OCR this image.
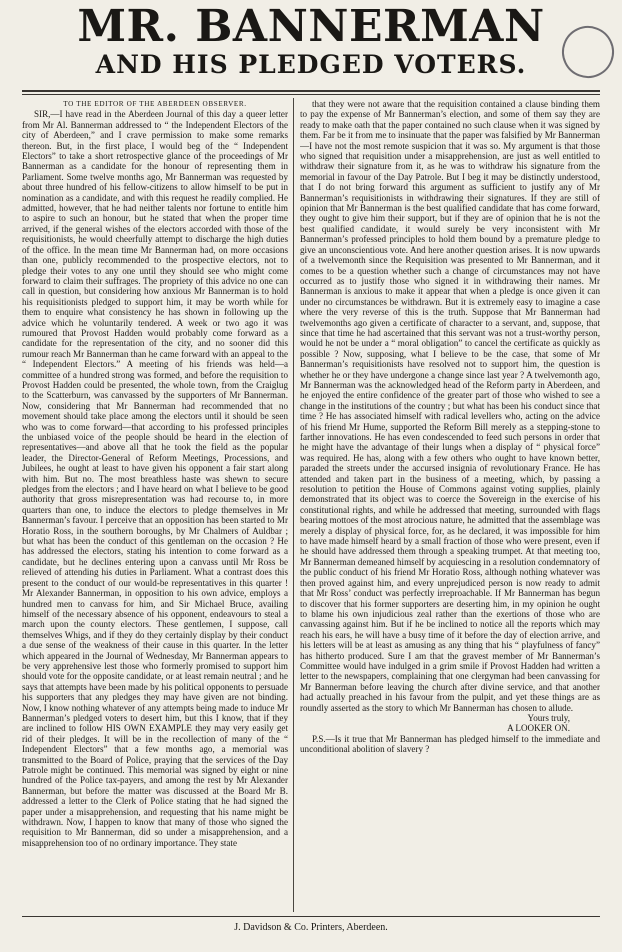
MR. BANNERMAN
AND HIS PLEDGED VOTERS.

TO THE EDITOR OF THE ABERDEEN OBSERVER.

SIR,—I have read in the Aberdeen Journal of this day a queer letter from Mr Al. Bannerman addressed to “ the Independent Electors of the city of Aberdeen,” and I crave permission to make some remarks thereon. But, in the first place, I would beg of the “ Independent Electors” to take a short retrospective glance of the proceedings of Mr Bannerman as a candidate for the honour of representing them in Parliament. Some twelve months ago, Mr Bannerman was requested by about three hundred of his fellow-citizens to allow himself to be put in nomination as a candidate, and with this request he readily complied. He admitted, however, that he had neither talents nor fortune to entitle him to aspire to such an honour, but he stated that when the proper time arrived, if the general wishes of the electors accorded with those of the requisitionists, he would cheerfully attempt to discharge the high duties of the office. In the mean time Mr Bannerman had, on more occasions than one, publicly recommended to the prospective electors, not to pledge their votes to any one until they should see who might come forward to claim their suffrages. The propriety of this advice no one can call in question, but considering how anxious Mr Bannerman is to hold his requisitionists pledged to support him, it may be worth while for them to enquire what consistency he has shown in following up the advice which he voluntarily tendered. A week or two ago it was rumoured that Provost Hadden would probably come forward as a candidate for the representation of the city, and no sooner did this rumour reach Mr Bannerman than he came forward with an appeal to the “ Independent Electors.” A meeting of his friends was held—a committee of a hundred strong was formed, and before the requisition to Provost Hadden could be presented, the whole town, from the Craiglug to the Scatterburn, was canvassed by the supporters of Mr Bannerman. Now, considering that Mr Bannerman had recommended that no movement should take place among the electors until it should be seen who was to come forward—that according to his professed principles the unbiased voice of the people should be heard in the election of representatives—and above all that he took the field as the popular leader, the Director-General of Reform Meetings, Processions, and Jubilees, he ought at least to have given his opponent a fair start along with him. But no. The most breathless haste was shewn to secure pledges from the electors ; and I have heard on what I believe to be good authority that gross misrepresentation was had recourse to, in more quarters than one, to induce the electors to pledge themselves in Mr Bannerman’s favour. I perceive that an opposition has been started to Mr Horatio Ross, in the southern boroughs, by Mr Chalmers of Auldbar ; but what has been the conduct of this gentleman on the occasion ? He has addressed the electors, stating his intention to come forward as a candidate, but he declines entering upon a canvass until Mr Ross be relieved of attending his duties in Parliament. What a contrast does this present to the conduct of our would-be representatives in this quarter ! Mr Alexander Bannerman, in opposition to his own advice, employs a hundred men to canvass for him, and Sir Michael Bruce, availing himself of the necessary absence of his opponent, endeavours to steal a march upon the county electors. These gentlemen, I suppose, call themselves Whigs, and if they do they certainly display by their conduct a due sense of the weakness of their cause in this quarter. In the letter which appeared in the Journal of Wednesday, Mr Bannerman appears to be very apprehensive lest those who formerly promised to support him should vote for the opposite candidate, or at least remain neutral ; and he says that attempts have been made by his political opponents to persuade his supporters that any pledges they may have given are not binding. Now, I know nothing whatever of any attempts being made to induce Mr Bannerman’s pledged voters to desert him, but this I know, that if they are inclined to follow HIS OWN EXAMPLE they may very easily get rid of their pledges. It will be in the recollection of many of the “ Independent Electors” that a few months ago, a memorial was transmitted to the Board of Police, praying that the services of the Day Patrole might be continued. This memorial was signed by eight or nine hundred of the Police tax-payers, and among the rest by Mr Alexander Bannerman, but before the matter was discussed at the Board Mr B. addressed a letter to the Clerk of Police stating that he had signed the paper under a misapprehension, and requesting that his name might be withdrawn. Now, I happen to know that many of those who signed the requisition to Mr Bannerman, did so under a misapprehension, and a misapprehension too of no ordinary importance. They state

that they were not aware that the requisition contained a clause binding them to pay the expense of Mr Bannerman’s election, and some of them say they are ready to make oath that the paper contained no such clause when it was signed by them. Far be it from me to insinuate that the paper was falsified by Mr Bannerman—I have not the most remote suspicion that it was so. My argument is that those who signed that requisition under a misapprehension, are just as well entitled to withdraw their signature from it, as he was to withdraw his signature from the memorial in favour of the Day Patrole. But I beg it may be distinctly understood, that I do not bring forward this argument as sufficient to justify any of Mr Bannerman’s requisitionists in withdrawing their signatures. If they are still of opinion that Mr Bannerman is the best qualified candidate that has come forward, they ought to give him their support, but if they are of opinion that he is not the best qualified candidate, it would surely be very inconsistent with Mr Bannerman’s professed principles to hold them bound by a premature pledge to give an unconscientious vote. And here another question arises. It is now upwards of a twelvemonth since the Requisition was presented to Mr Bannerman, and it comes to be a question whether such a change of circumstances may not have occurred as to justify those who signed it in withdrawing their names. Mr Bannerman is anxious to make it appear that when a pledge is once given it can under no circumstances be withdrawn. But it is extremely easy to imagine a case where the very reverse of this is the truth. Suppose that Mr Bannerman had twelvemonths ago given a certificate of character to a servant, and, suppose, that since that time he had ascertained that this servant was not a trust-worthy person, would he not be under a “ moral obligation” to cancel the certificate as quickly as possible ? Now, supposing, what I believe to be the case, that some of Mr Bannerman’s requisitionists have resolved not to support him, the question is whether he or they have undergone a change since last year ? A twelvemonth ago, Mr Bannerman was the acknowledged head of the Reform party in Aberdeen, and he enjoyed the entire confidence of the greater part of those who wished to see a change in the institutions of the country ; but what has been his conduct since that time ? He has associated himself with radical levellers who, acting on the advice of his friend Mr Hume, supported the Reform Bill merely as a stepping-stone to farther innovations. He has even condescended to feed such persons in order that he might have the advantage of their lungs when a display of “ physical force” was required. He has, along with a few others who ought to have known better, paraded the streets under the accursed insignia of revolutionary France. He has attended and taken part in the business of a meeting, which, by passing a resolution to petition the House of Commons against voting supplies, plainly demonstrated that its object was to coerce the Sovereign in the exercise of his constitutional rights, and while he addressed that meeting, surrounded with flags bearing mottoes of the most atrocious nature, he admitted that the assemblage was merely a display of physical force, for, as he declared, it was impossible for him to have made himself heard by a small fraction of those who were present, even if he should have addressed them through a speaking trumpet. At that meeting too, Mr Bannerman demeaned himself by acquiescing in a resolution condemnatory of the public conduct of his friend Mr Horatio Ross, although nothing whatever was then proved against him, and every unprejudiced person is now ready to admit that Mr Ross’ conduct was perfectly irreproachable. If Mr Bannerman has begun to discover that his former supporters are deserting him, in my opinion he ought to blame his own injudicious zeal rather than the exertions of those who are canvassing against him. But if he be inclined to notice all the reports which may reach his ears, he will have a busy time of it before the day of election arrive, and his letters will be at least as amusing as any thing that his “ playfulness of fancy” has hitherto produced. Sure I am that the gravest member of Mr Bannerman’s Committee would have indulged in a grim smile if Provost Hadden had written a letter to the newspapers, complaining that one clergyman had been canvassing for Mr Bannerman before leaving the church after divine service, and that another had actually preached in his favour from the pulpit, and yet these things are as roundly asserted as the story to which Mr Bannerman has chosen to allude.

Yours truly,

A LOOKER ON.

P.S.—Is it true that Mr Bannerman has pledged himself to the immediate and unconditional abolition of slavery ?

J. Davidson & Co. Printers, Aberdeen.
